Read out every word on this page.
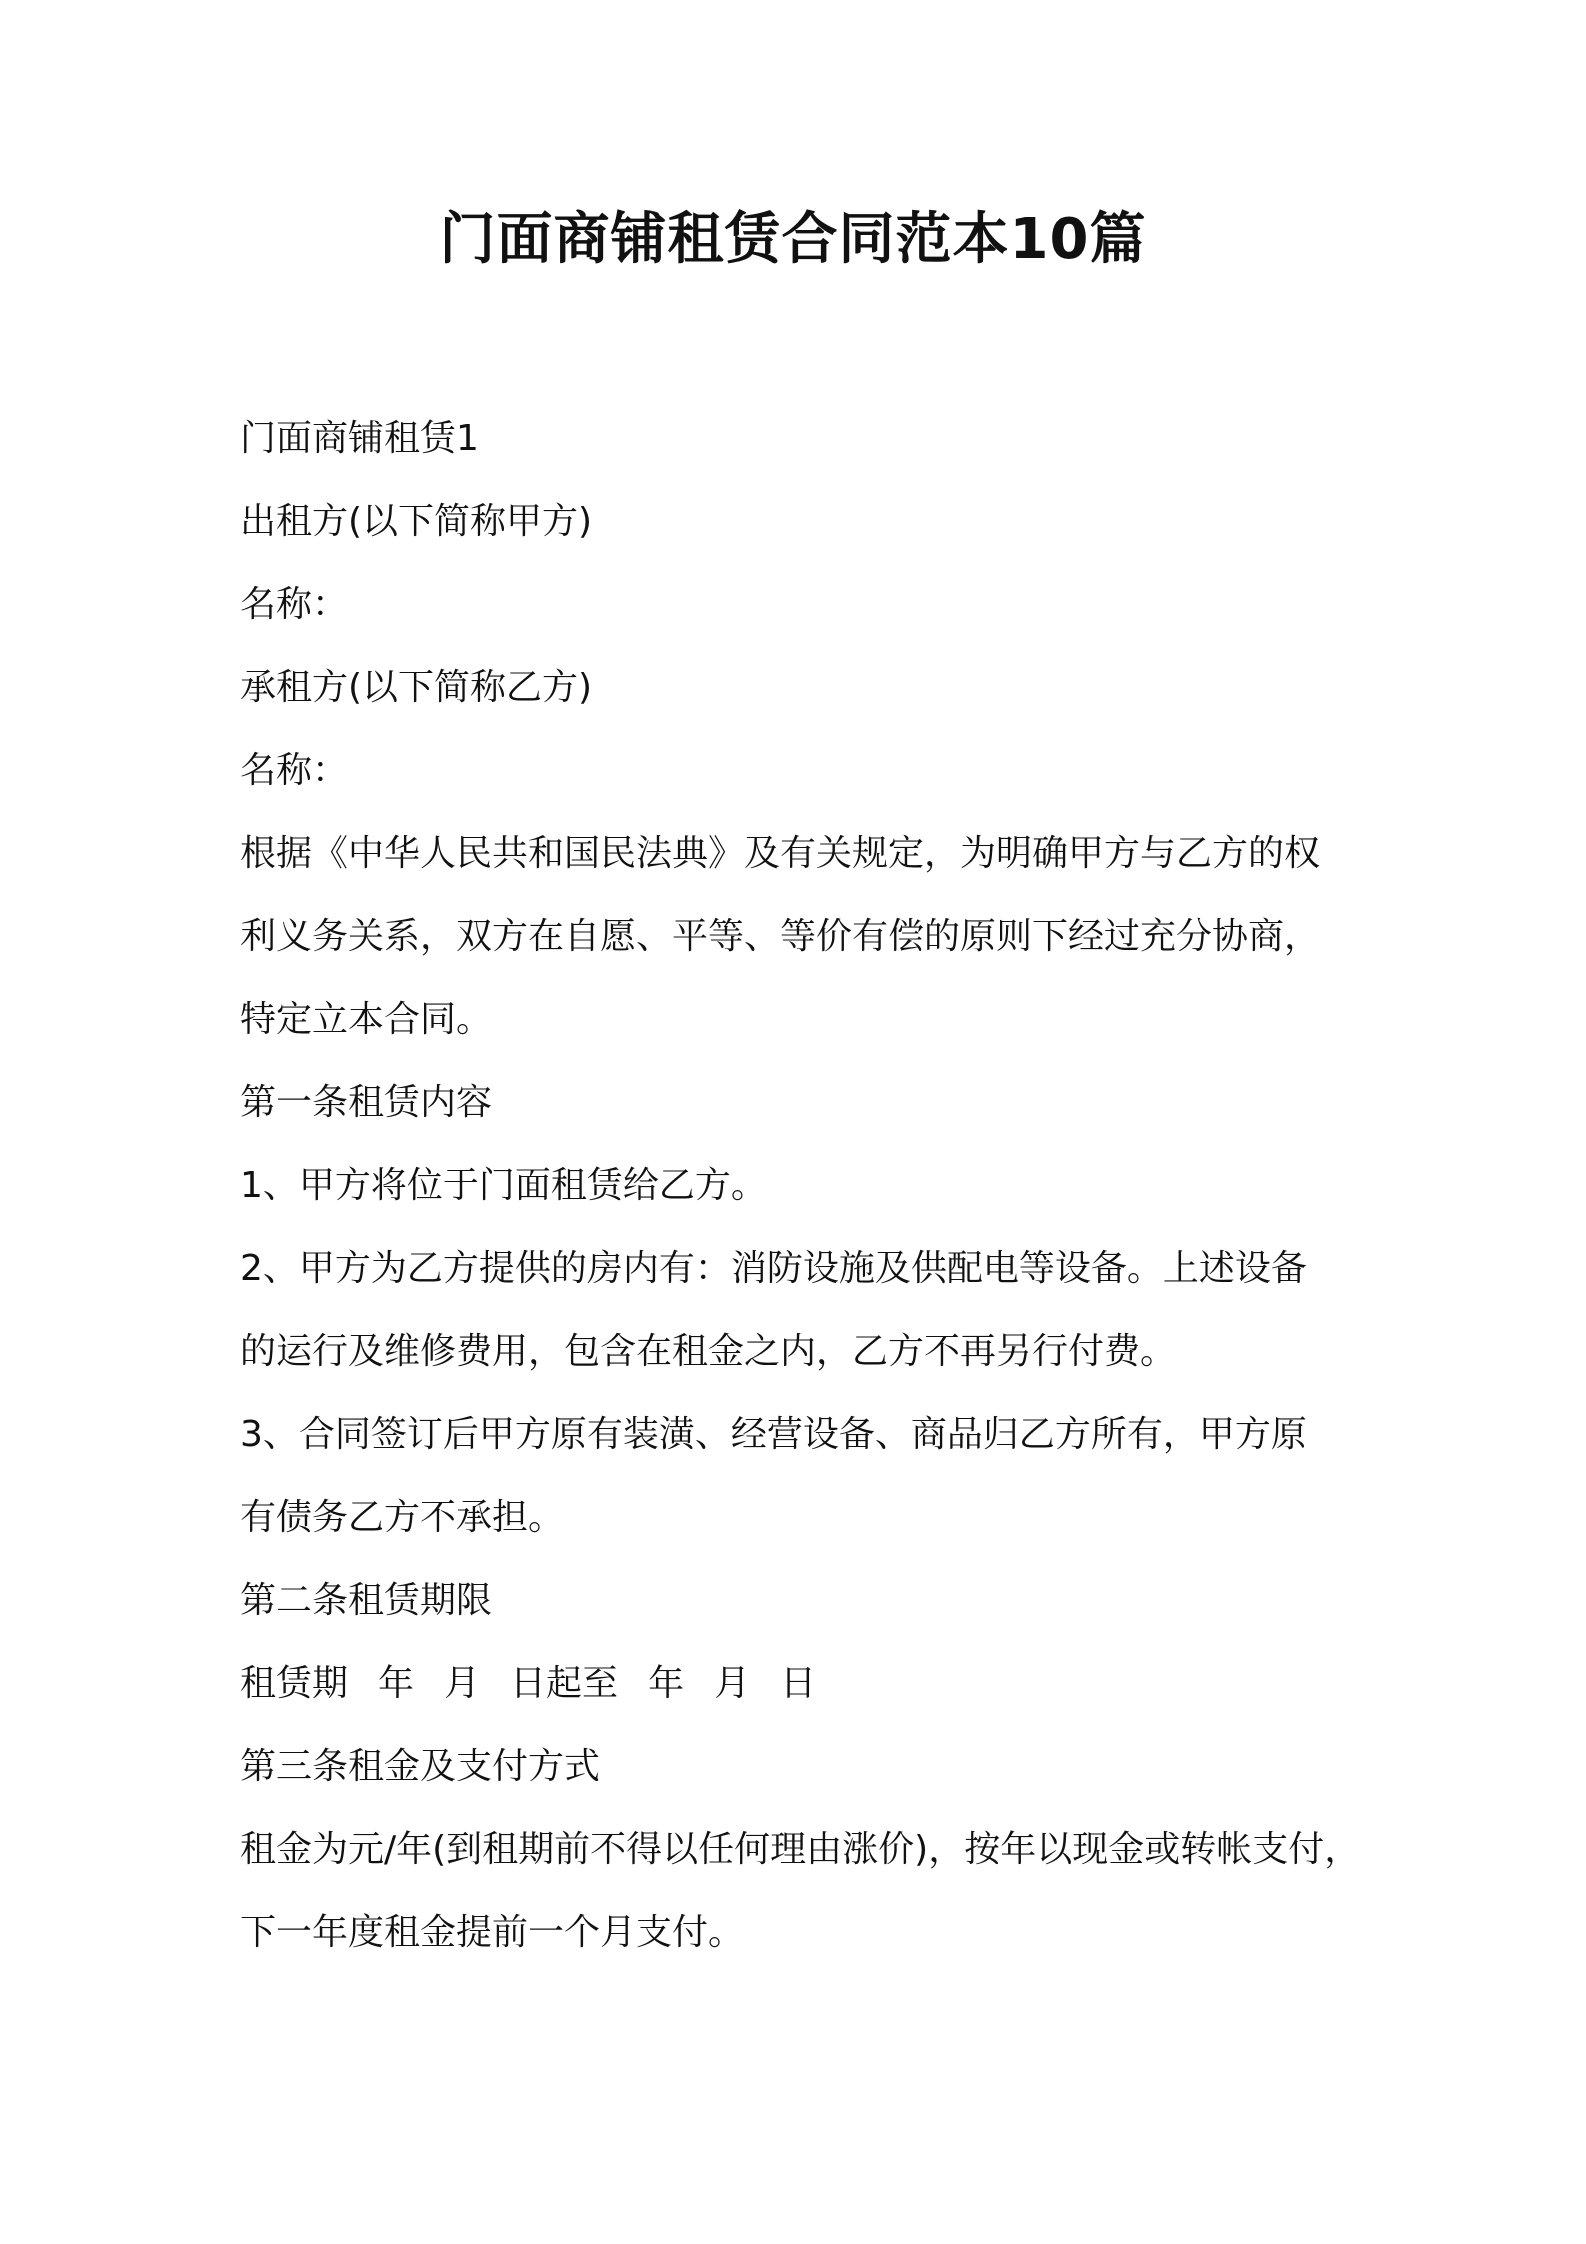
门面商铺租赁合同范本10篇

门面商铺租赁1

出租方(以下简称甲方)

名称：

承租方(以下简称乙方)

名称：

根据《中华人民共和国民法典》及有关规定，为明确甲方与乙方的权

利义务关系，双方在自愿、平等、等价有偿的原则下经过充分协商，

特定立本合同。

第一条租赁内容

1、甲方将位于门面租赁给乙方。

2、甲方为乙方提供的房内有：消防设施及供配电等设备。上述设备

的运行及维修费用，包含在租金之内，乙方不再另行付费。

3、合同签订后甲方原有装潢、经营设备、商品归乙方所有，甲方原

有债务乙方不承担。

第二条租赁期限

租赁期 年 月 日起至 年 月 日

第三条租金及支付方式

租金为元/年(到租期前不得以任何理由涨价)，按年以现金或转帐支付，

下一年度租金提前一个月支付。
